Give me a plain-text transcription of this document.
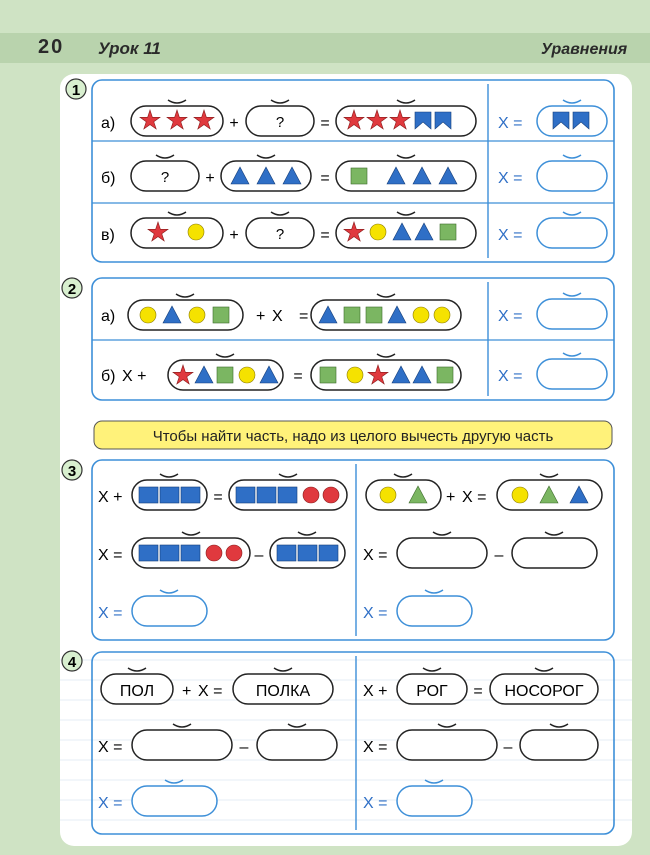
20 Урок 11	Уравнения
1
а)	+ ? =	X =
б)	? +	=	X =
в)	+ ? =	X =
2
а)	+ X =	X =
б) X +	=	X =
Чтобы найти часть, надо из целого вычесть другую часть
3
X +	=
X =	–
X =
+ X =
X =	–
X =
4
ПОЛ + X = ПОЛКА
X =	–
X =
X + РОГ = НОСОРОГ
X =	–
X =
